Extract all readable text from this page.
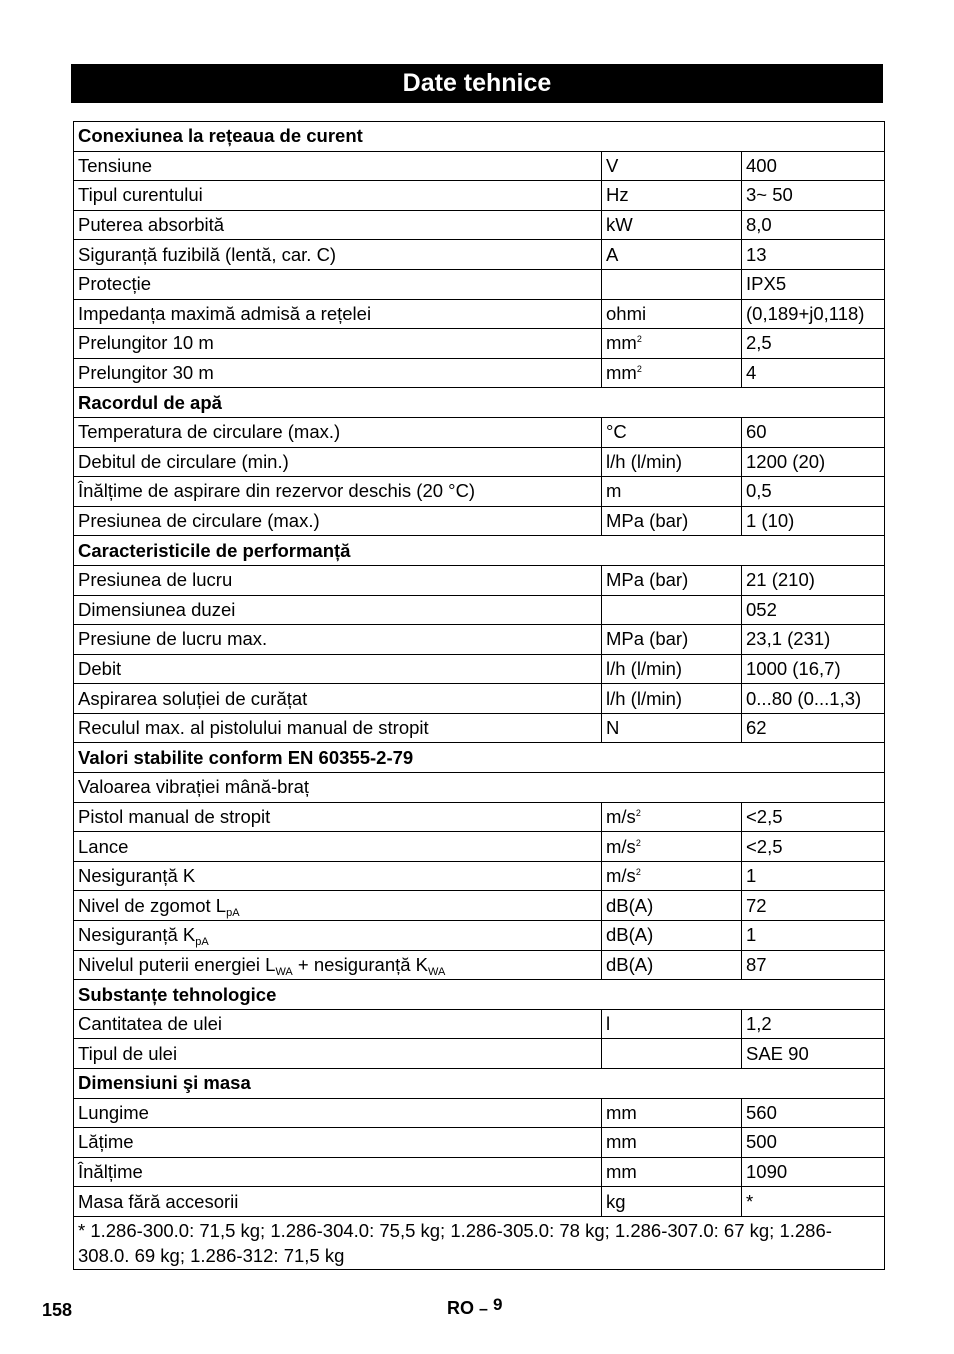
Date tehnice
Conexiunea la rețeaua de curent		
Tensiune	V	400
Tipul curentului	Hz	3~ 50
Puterea absorbită	kW	8,0
Siguranță fuzibilă (lentă, car. C)	A	13
Protecție		IPX5
Impedanța maximă admisă a rețelei	ohmi	(0,189+j0,118)
Prelungitor 10 m	$mm^2$	2,5
Prelungitor 30 m	$mm^2$	4
Racordul de apă		
Temperatura de circulare (max.)	°C	60
Debitul de circulare (min.)	l/h (l/min)	1200 (20)
Înălțime de aspirare din rezervor deschis (20 °C)	m	0,5
Presiunea de circulare (max.)	MPa (bar)	1 (10)
Caracteristicile de performanță		
Presiunea de lucru	MPa (bar)	21 (210)
Dimensiunea duzei		052
Presiune de lucru max.	MPa (bar)	23,1 (231)
Debit	l/h (l/min)	1000 (16,7)
Aspirarea soluției de curățat	l/h (l/min)	0...80 (0...1,3)
Reculul max. al pistolului manual de stropit	N	62
Valori stabilite conform EN 60355-2-79		
Valoarea vibrației mână-braț		
Pistol manual de stropit	$m/s^2$	<2,5
Lance	$m/s^2$	<2,5
Nesiguranță K	$m/s^2$	1
Nivel de zgomot $L_{pA}$	dB(A)	72
Nesiguranță $K_{pA}$	dB(A)	1
Nivelul puterii energiei $L_{WA}$ + nesiguranță $K_{WA}$	dB(A)	87
Substanțe tehnologice		
Cantitatea de ulei	l	1,2
Tipul de ulei		SAE 90
Dimensiuni şi masa		
Lungime	mm	560
Lățime	mm	500
Înălțime	mm	1090
Masa fără accesorii	kg	*
* 1.286-300.0: 71,5 kg; 1.286-304.0: 75,5 kg; 1.286-305.0: 78 kg; 1.286-307.0: 67 kg; 1.286-308.0. 69 kg; 1.286-312: 71,5 kg		
158	RO – $^9$
